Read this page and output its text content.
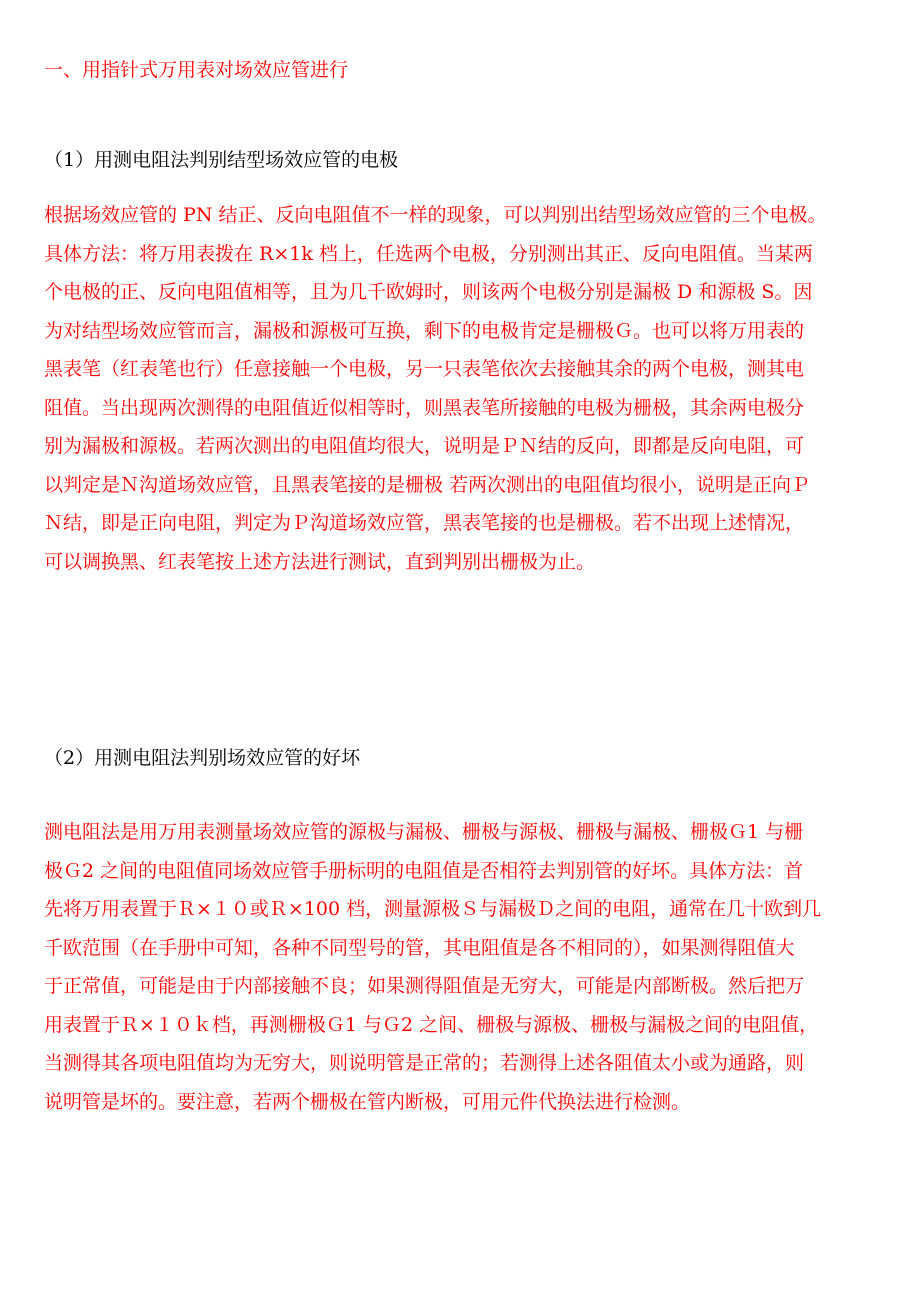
一、用指针式万用表对场效应管进行
（1）用测电阻法判别结型场效应管的电极
根据场效应管的 PN 结正、反向电阻值不一样的现象，可以判别出结型场效应管的三个电极。
具体方法：将万用表拨在 R×1k 档上，任选两个电极，分别测出其正、反向电阻值。当某两
个电极的正、反向电阻值相等，且为几千欧姆时，则该两个电极分别是漏极 D 和源极 S。因
为对结型场效应管而言，漏极和源极可互换，剩下的电极肯定是栅极Ｇ。也可以将万用表的
黑表笔（红表笔也行）任意接触一个电极，另一只表笔依次去接触其余的两个电极，测其电
阻值。当出现两次测得的电阻值近似相等时，则黑表笔所接触的电极为栅极，其余两电极分
别为漏极和源极。若两次测出的电阻值均很大，说明是ＰＮ结的反向，即都是反向电阻，可
以判定是Ｎ沟道场效应管，且黑表笔接的是栅极 若两次测出的电阻值均很小，说明是正向Ｐ
Ｎ结，即是正向电阻，判定为Ｐ沟道场效应管，黑表笔接的也是栅极。若不出现上述情况，
可以调换黑、红表笔按上述方法进行测试，直到判别出栅极为止。
（2）用测电阻法判别场效应管的好坏
测电阻法是用万用表测量场效应管的源极与漏极、栅极与源极、栅极与漏极、栅极Ｇ1 与栅
极Ｇ2 之间的电阻值同场效应管手册标明的电阻值是否相符去判别管的好坏。具体方法：首
先将万用表置于Ｒ×１０或Ｒ×100 档，测量源极Ｓ与漏极Ｄ之间的电阻，通常在几十欧到几
千欧范围（在手册中可知，各种不同型号的管，其电阻值是各不相同的），如果测得阻值大
于正常值，可能是由于内部接触不良；如果测得阻值是无穷大，可能是内部断极。然后把万
用表置于Ｒ×１０ｋ档，再测栅极Ｇ1 与Ｇ2 之间、栅极与源极、栅极与漏极之间的电阻值，
当测得其各项电阻值均为无穷大，则说明管是正常的；若测得上述各阻值太小或为通路，则
说明管是坏的。要注意，若两个栅极在管内断极，可用元件代换法进行检测。
